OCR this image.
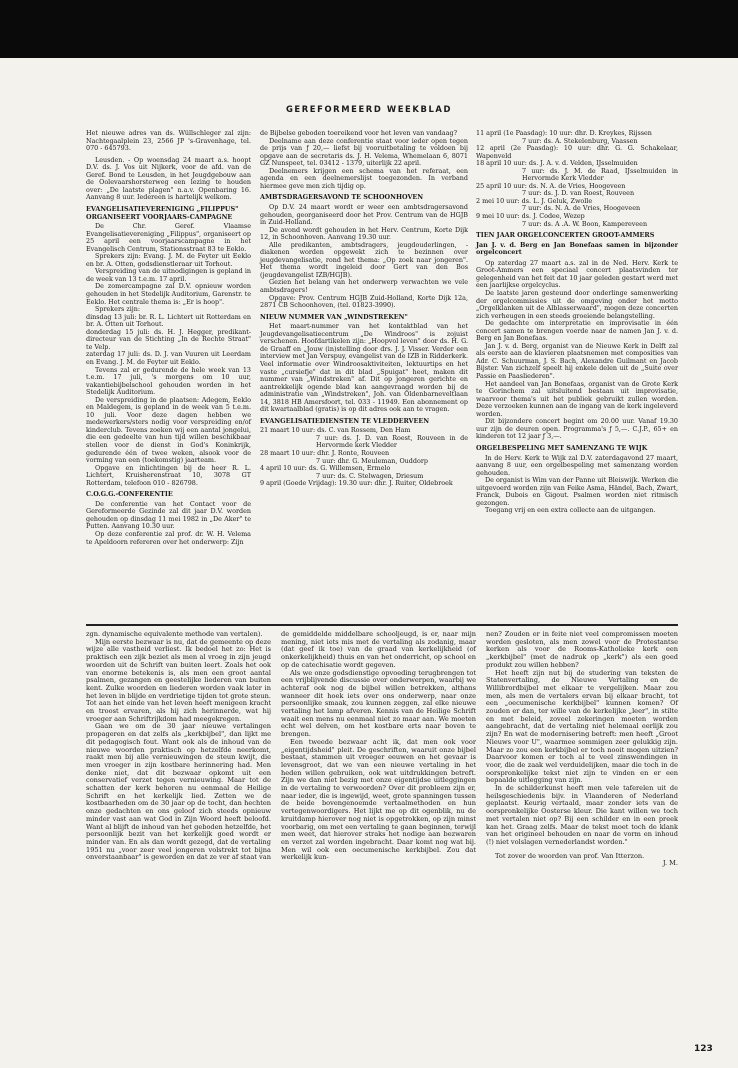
GEREFORMEERD WEEKBLAD

Het nieuwe adres van ds. Wüllschleger zal zijn: Nachtegaalplein 23, 2566 JP 's-Gravenhage, tel. 070 - 645793.

Leusden. - Op woensdag 24 maart a.s. hoopt D.V. ds. J. Vos uit Nijkerk, voor de afd. van de Geref. Bond te Leusden, in het Jeugdgebouw aan de Oolevaarshorsterweg een lezing te houden over: „De laatste plagen" n.a.v. Openbaring 16. Aanvang 8 uur. Iedereen is hartelijk welkom.

EVANGELISATIEVERENIGING „FILIPPUS" ORGANISEERT VOORJAARS-CAMPAGNE

De Chr. Geref. Vlaamse Evangelisatievereniging „Filippus", organiseert op 25 april een voorjaarscampagne in het Evangelisch Centrum, Stationsstraat 83 te Eeklo.

Sprekers zijn: Evang. J. M. de Feyter uit Eeklo en br. A. Otten, godsdienstleraar uit Torhout.

Verspreiding van de uitnodigingen is gepland in de week van 13 t.e.m. 17 april.

De zomercampagne zal D.V. opnieuw worden gehouden in het Stedelijk Auditorium, Garenstr. te Eeklo. Het centrale thema is: „Er is hoop".

Sprekers zijn:

dinsdag 13 juli: br. R. L. Lichtert uit Rotterdam en br. A. Otten uit Torhout.

donderdag 15 juli: ds. H. J. Hegger, predikant-directeur van de Stichting „In de Rechte Straat" te Velp.

zaterdag 17 juli: ds. D. J. van Vuuren uit Leerdam en Evang. J. M. de Feyter uit Eeklo.

Tevens zal er gedurende de hele week van 13 t.e.m. 17 juli, 's morgens om 10 uur, vakantiebijbelschool gehouden worden in het Stedelijk Auditorium.

De verspreiding in de plaatsen: Adegem, Eeklo en Maldegem, is gepland in de week van 5 t.e.m. 10 juli. Voor deze dagen hebben we medewerkers/sters nodig voor verspreiding en/of kinderclub. Tevens zoeken wij een aantal jongelui, die een gedeelte van hun tijd willen beschikbaar stellen voor de dienst in God's Koninkrijk, gedurende één of twee weken, alsook voor de vorming van een (toekomstig) jaarteam.

Opgave en inlichtingen bij de heer R. L. Lichtert, Kruisherenstraat 10, 3078 GT Rotterdam, telefoon 010 - 826798.

C.O.G.G.-CONFERENTIE

De conferentie van het Contact voor de Gereformeerde Gezinde zal dit jaar D.V. worden gehouden op dinsdag 11 mei 1982 in „De Aker" te Putten. Aanvang 10.30 uur.

Op deze conferentie zal prof. dr. W. H. Velema te Apeldoorn refereren over het onderwerp: Zijn

de Bijbelse geboden toereikend voor het leven van vandaag?

Deelname aan deze conferentie staat voor ieder open tegen de prijs van ƒ 20,— liefst bij vooruitbetaling te voldoen bij opgave aan de secretaris ds. J. H. Velema, Whemelaan 6, 8071 GZ Nunspeet, tel. 03412 - 1379, uiterlijk 22 april.

Deelnemers krijgen een schema van het referaat, een agenda en een deelnemerslijst toegezonden. In verband hiermee geve men zich tijdig op.

AMBTSDRAGERSAVOND TE SCHOONHOVEN

Op D.V. 24 maart wordt er weer een ambtsdragersavond gehouden, georganiseerd door het Prov. Centrum van de HGJB in Zuid-Holland.

De avond wordt gehouden in het Herv. Centrum, Korte Dijk 12, in Schoonhoven. Aanvang 19.30 uur.

Alle predikanten, ambtsdragers, jeugdouderlingen, -diakenen worden opgewekt zich te bezinnen over jeugdevangelisatie, rond het thema: „Op zoek naar jongeren". Het thema wordt ingeleid door Gert van den Bos (jeugdevangelist IZB/HGJB).

Gezien het belang van het onderwerp verwachten we vele ambtsdragers!

Opgave: Prov. Centrum HGJB Zuid-Holland, Korte Dijk 12a, 2871 CB Schoonhoven, (tel. 01823-3990).

NIEUW NUMMER VAN „WINDSTREKEN"

Het maart-nummer van het kontaktblad van het Jeugdevangelisatiecentrum „De Windroos" is zojuist verschenen. Hoofdartikelen zijn: „Hoopvol leven" door ds. H. G. de Graaff en „Jouw (in)stelling door drs. J. J. Visser. Verder een interview met Jan Verspuy, evangelist van de IZB in Ridderkerk. Veel informatie over Windroosaktiviteiten, lektuurtips en het vaste „cursiefje" dat in dit blad „Spuigat" heet, maken dit nummer van „Windstreken" af. Dit op jongeren gerichte en aantrekkelijk ogende blad kan aangevraagd worden bij de administratie van „Windstreken", Joh. van Oldenbarneveltlaan 14, 3818 HB Amersfoort, tel. 033 - 11949. Een abonnement op dit kwartaalblad (gratis) is op dit adres ook aan te vragen.

EVANGELISATIEDIENSTEN TE VLEDDERVEEN

21 maart 10 uur: ds. C. van Rossem, Den Ham

7 uur: ds. J. D. van Roest, Rouveen in de Hervormde kerk Vledder

28 maart 10 uur: dhr. J. Ronte, Rouveen

7 uur: dhr. G. Meuleman, Ouddorp

4 april 10 uur: ds. G. Willemsen, Ermelo

7 uur: ds. C. Stelwagen, Driesum

9 april (Goede Vrijdag): 19.30 uur: dhr. J. Ruiter, Oldebroek

11 april (1e Paasdag): 10 uur: dhr. D. Kreykes, Rijssen

7 uur: ds. A. Stekelenburg, Vaassen

12 april (2e Paasdag): 10 uur: dhr. G. G. Schakelaar, Wapenveld

18 april 10 uur: ds. J. A. v. d. Velden, IJsselmuiden

7 uur: ds. J. M. de Raad, IJsselmuiden in Hervormde Kerk Vledder

25 april 10 uur: ds. N. A. de Vries, Hoogeveen

7 uur: ds. J. D. van Roest, Rouveen

2 mei 10 uur: ds. L. J. Geluk, Zwolle

7 uur: ds. N. A. de Vries, Hoogeveen

9 mei 10 uur: ds. J. Codee, Wezep

7 uur: ds. A .A. W. Boon, Kampereveen

TIEN JAAR ORGELCONCERTEN GROOT-AMMERS

Jan J. v. d. Berg en Jan Bonefaas samen in bijzonder orgelconcert

Op zaterdag 27 maart a.s. zal in de Ned. Herv. Kerk te Groot-Ammers een speciaal concert plaatsvinden ter gelegenheid van het feit dat 10 jaar geleden gestart werd met een jaarlijkse orgelcyclus.

De laatste jaren gesteund door onderlinge samenwerking der orgelcommissies uit de omgeving onder het motto „Orgelklanken uit de Alblasserwaard", mogen deze concerten zich verheugen in een steeds groeiende belangstelling.

De gedachte om interpretatie en improvisatie in één concert samen te brengen voerde naar de namen Jan J. v. d. Berg en Jan Bonefaas.

Jan J. v. d. Berg, organist van de Nieuwe Kerk in Delft zal als eerste aan de klavieren plaatsnemen met composities van Adr. C. Schuurman, J. S. Bach, Alexandre Guilmant en Jacob Bijster. Van zichzelf speelt hij enkele delen uit de „Suite over Passie en Paasliederen".

Het aandeel van Jan Bonefaas, organist van de Grote Kerk te Gorinchem zal uitsluitend bestaan uit improvisatie, waarvoor thema's uit het publiek gebruikt zullen worden. Deze verzoeken kunnen aan de ingang van de kerk ingeleverd worden.

Dit bijzondere concert begint om 20.00 uur. Vanaf 19.30 uur zijn de deuren open. Programma's ƒ 5,—. C.J.P., 65+ en kinderen tot 12 jaar ƒ 3,—.

ORGELBESPELING MET SAMENZANG TE WIJK

In de Herv. Kerk te Wijk zal D.V. zaterdagavond 27 maart, aanvang 8 uur, een orgelbespeling met samenzang worden gehouden.

De organist is Wim van der Panne uit Bleiswijk. Werken die uitgevoerd worden zijn van Feike Asma, Händel, Bach, Zwart, Franck, Dubois en Gigout. Psalmen worden niet ritmisch gezongen.

Toegang vrij en een extra collecte aan de uitgangen.

zgn. dynamische equivalente methode van vertalen).

Mijn eerste bezwaar is nu, dat de gemeente op deze wijze alle vastheid verliest. Ik bedoel het zo: Het is praktisch een zijk beziet als men al vroeg in zijn jeugd woorden uit de Schrift van buiten leert. Zoals het ook van enorme betekenis is, als men een groot aantal psalmen, gezangen en geestelijke liederen van buiten kent. Zulke woorden en liederen worden vaak later in het leven in blijde en verdrietige tijden tot grote steun. Tot aan het einde van het leven heeft menigeen kracht en troost ervaren, als hij zich herinnerde, wat hij vroeger aan Schriftrijkdom had meegekregen.

Gaan we om de 30 jaar nieuwe vertalingen propageren en dat zelfs als „kerkbijbel", dan lijkt me dit pedagogisch fout. Want ook als de inhoud van de nieuwe woorden praktisch op hetzelfde neerkomt, raakt men bij alle vernieuwingen de steun kwijt, die men vroeger in zijn kostbare herinnering had. Men denke niet, dat dit bezwaar opkomt uit een conservatief verzet tegen vernieuwing. Maar tot de schatten der kerk behoren nu eenmaal de Heilige Schrift en het kerkelijk lied. Zetten we de kostbaarheden om de 30 jaar op de tocht, dan hechten onze gedachten en ons geloof zich steeds opnieuw minder vast aan wat God in Zijn Woord heeft beloofd. Want al blijft de inhoud van het geboden hetzelfde, het persoonlijk bezit van het kerkelijk goed wordt er minder van. En als dan wordt gezegd, dat de vertaling 1951 nu „voor zeer veel jongeren volstrekt tot bijna onverstaanbaar" is geworden en dat ze ver af staat van

de gemiddelde middelbare schooljeugd, is er, naar mijn mening, niet iets mis met de vertaling als zodanig, maar (dat geef ik toe) van de graad van kerkelijkheid (of onkerkelijkheid) thuis en van het onderricht, op school en op de catechisatie wordt gegeven.

Als we onze godsdienstige opvoeding terugbrengen tot een vrijblijvende discussie over onderwerpen, waarbij we achteraf ook nog de bijbel willen betrekken, althans wanneer dit hoek iets over ons onderwerp, naar onze persoonlijke smaak, zou kunnen zeggen, zal elke nieuwe vertaling het lamp afveren. Kennis van de Heilige Schrift waait een mens nu eenmaal niet zo maar aan. We moeten echt wel delven, om het kostbare erts naar boven te brengen.

Een tweede bezwaar acht ik, dat men ook voor „eigentijdsheid" pleit. De geschriften, waaruit onze bijbel bestaat, stammen uit vroeger eeuwen en het gevaar is levensgroot, dat we van een nieuwe vertaling in het heden willen gebruiken, ook wat uitdrukkingen betreft. Zijn we dan niet bezig met onze eigentijdse uitleggingen in de vertaling te verwoorden? Over dit probleem zijn er, naar ieder, die is ingewijd, weet, grote spanningen tussen de beide bovengenoemde vertaalmethoden en hun vertegenwoordigers. Het lijkt me op dit ogenblik, nu de kruitdamp hierover nog niet is opgetrokken, op zijn minst voorbarig, om met een vertaling te gaan beginnen, terwijl men weet, dat hierover straks het nodige aan bezwaren en verzet zal worden ingebracht. Daar komt nog wat bij. Men wil ook een oecumenische kerkbijbel. Zou dat werkelijk kun-

nen? Zouden er in feite niet veel compromissen moeten worden gesloten, als men zowel voor de Protestantse kerken als voor de Rooms-Katholieke kerk een „kerkbijbel" (met de nadruk op „kerk") als een goed produkt zou willen hebben?

Het heeft zijn nut bij de studering van teksten de Statenvertaling, de Nieuwe Vertaling en de Willibrordbijbel met elkaar te vergelijken. Maar zou men, als men de vertalers ervan bij elkaar bracht, tot een „oecumenische kerkbijbel" kunnen komen? Of zouden er dan, ter wille van de kerkelijke „leer", in stilte en met beleid, zoveel zekeringen moeten worden aangebracht, dat de vertaling niet helemaal eerlijk zou zijn? En wat de modernisering betreft: men heeft „Groot Nieuws voor U", waarmee sommigen zeer gelukkig zijn. Maar zo zou een kerkbijbel er toch nooit mogen uitzien? Daarvoor komen er toch al te veel zinswendingen in voor, die de zaak wel verduidelijken, maar die toch in de oorspronkelijke tekst niet zijn te vinden en er een bepaalde uitlegging van zijn.

In de schilderkunst heeft men vele taferelen uit de heilsgeschiedenis bijv. in Vlaanderen of Nederland geplaatst. Keurig vertaald, maar zonder iets van de oorspronkelijke Oosterse kleur. Die kant willen we toch met vertalen niet op? Bij een schilder en in een preek kan het. Graag zelfs. Maar de tekst moet toch de klank van het origineel behouden en naar de vorm en inhoud (!) niet volslagen vernederlandst worden."

Tot zover de woorden van prof. Van Itterzon.

J. M.

123
